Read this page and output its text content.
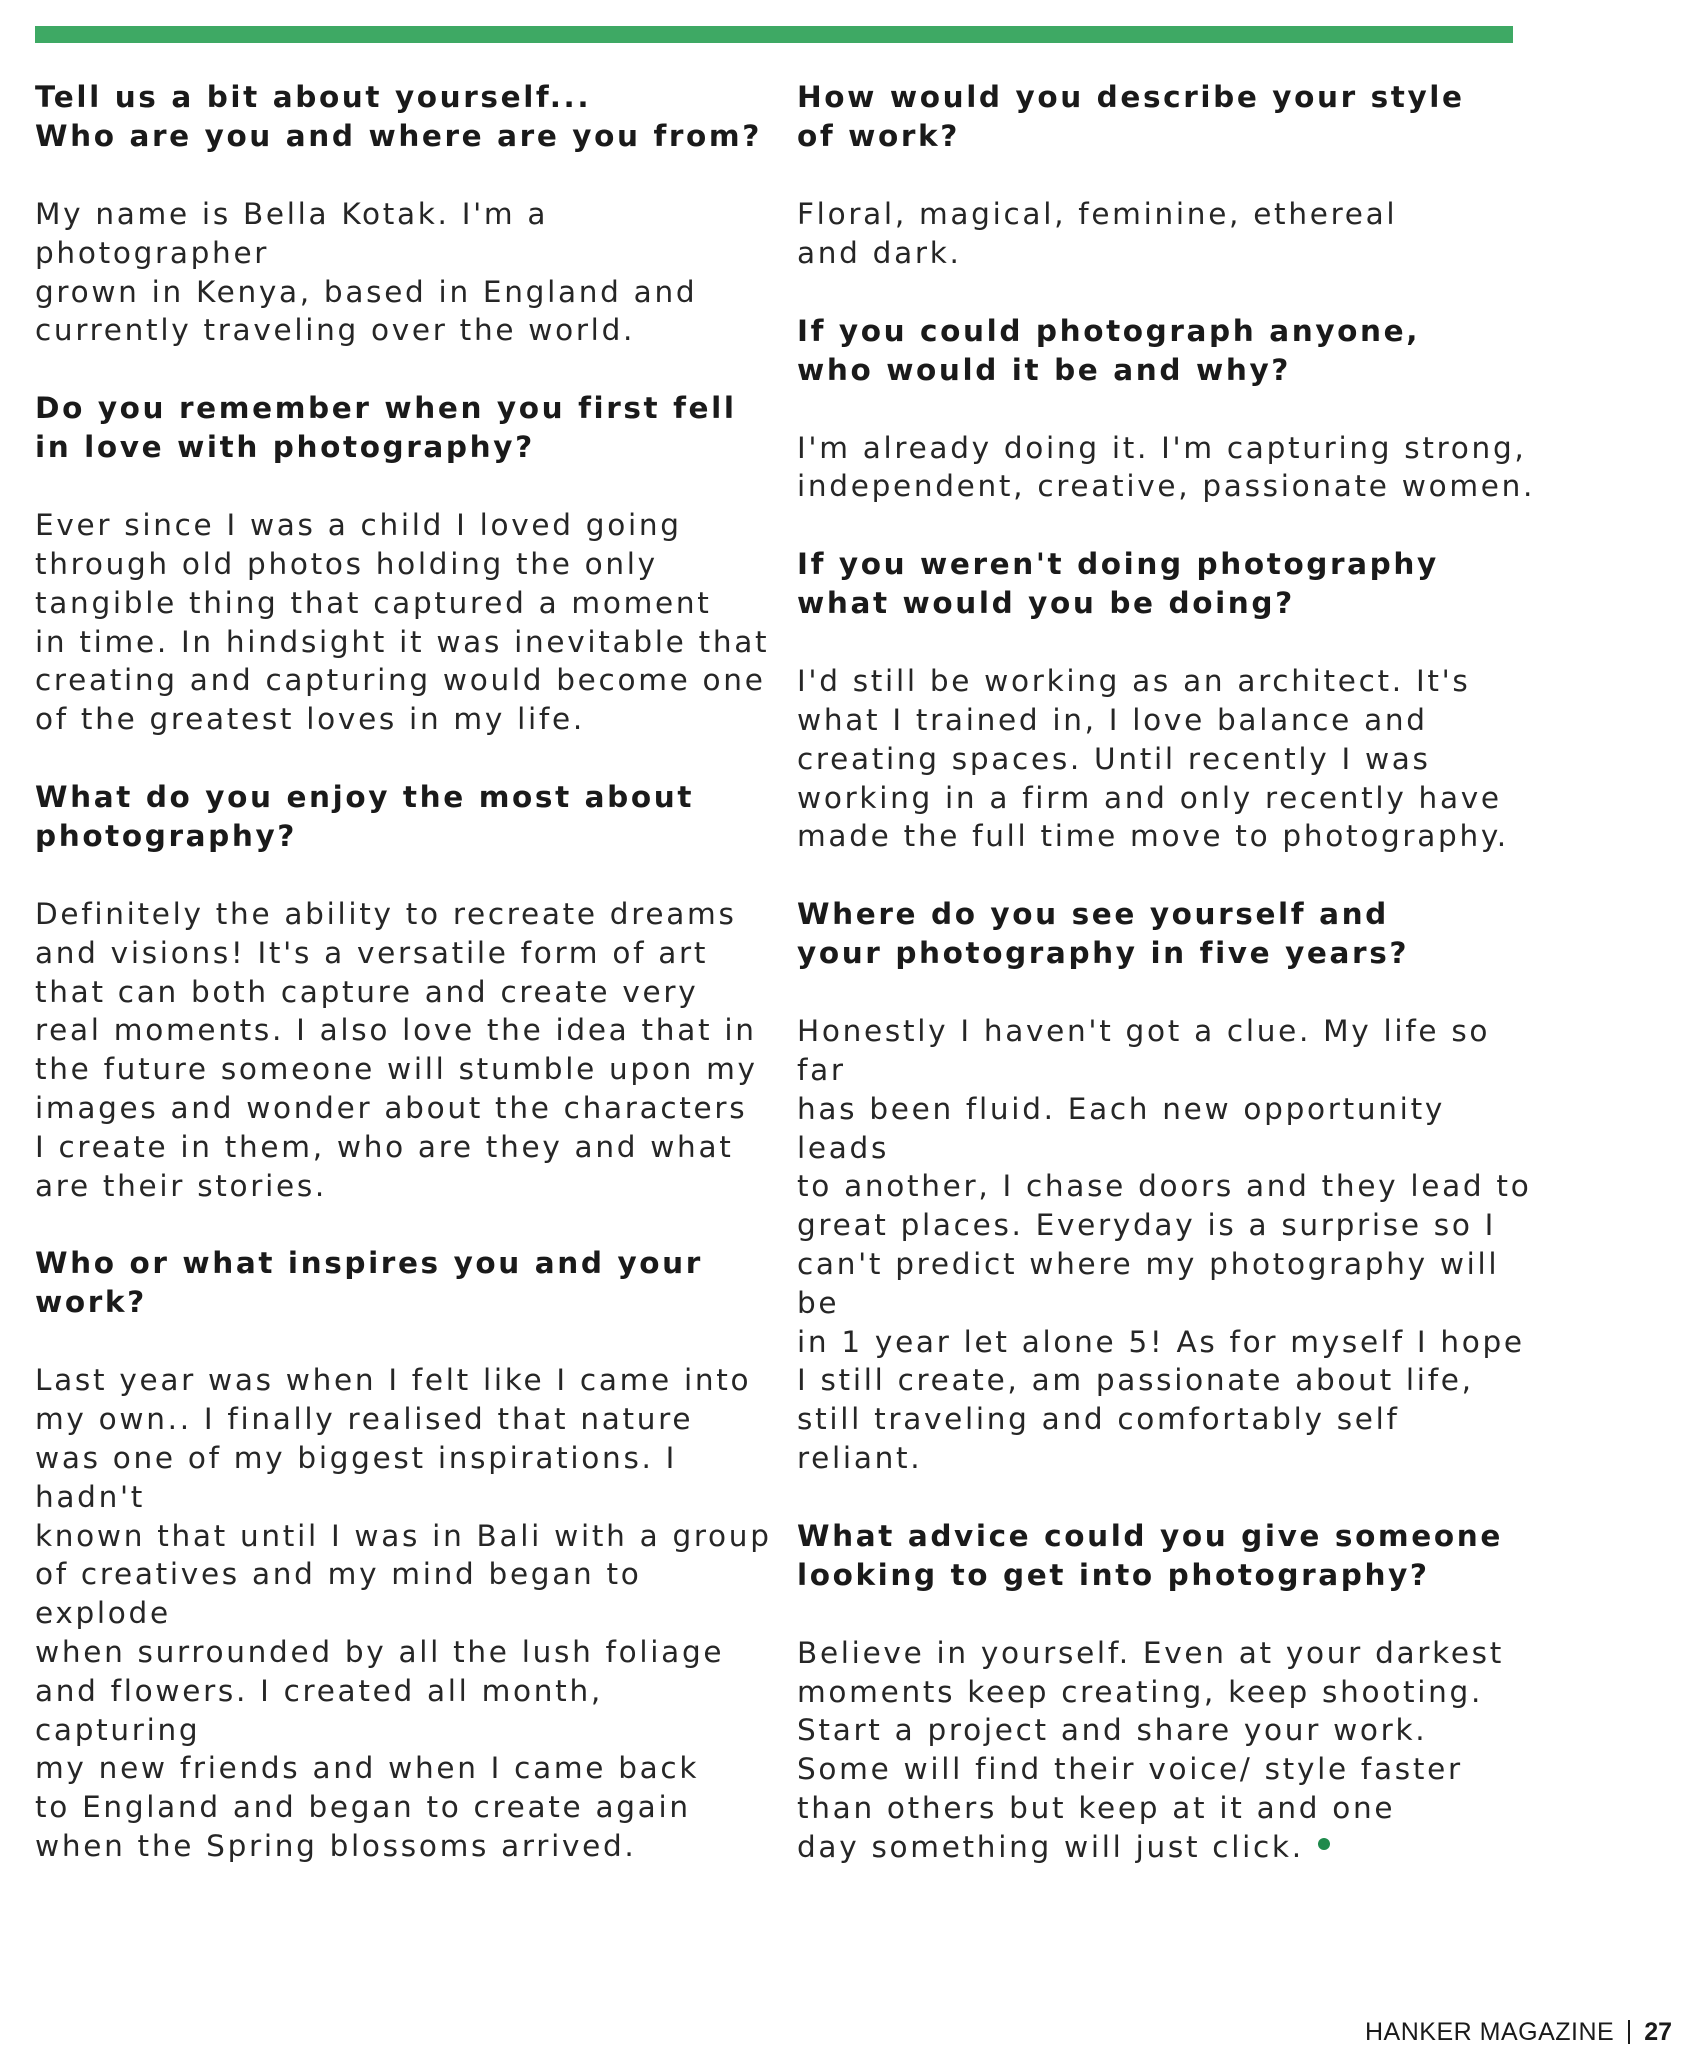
Tell us a bit about yourself...
Who are you and where are you from?

My name is Bella Kotak. I'm a photographer
grown in Kenya, based in England and
currently traveling over the world.

Do you remember when you first fell
in love with photography?

Ever since I was a child I loved going
through old photos holding the only
tangible thing that captured a moment
in time. In hindsight it was inevitable that
creating and capturing would become one
of the greatest loves in my life.

What do you enjoy the most about
photography?

Definitely the ability to recreate dreams
and visions! It's a versatile form of art
that can both capture and create very
real moments. I also love the idea that in
the future someone will stumble upon my
images and wonder about the characters
I create in them, who are they and what
are their stories.

Who or what inspires you and your work?

Last year was when I felt like I came into
my own.. I finally realised that nature
was one of my biggest inspirations. I hadn't
known that until I was in Bali with a group
of creatives and my mind began to explode
when surrounded by all the lush foliage
and flowers. I created all month, capturing
my new friends and when I came back
to England and began to create again
when the Spring blossoms arrived.

How would you describe your style
of work?

Floral, magical, feminine, ethereal
and dark.

If you could photograph anyone,
who would it be and why?

I'm already doing it. I'm capturing strong,
independent, creative, passionate women.

If you weren't doing photography
what would you be doing?

I'd still be working as an architect. It's
what I trained in, I love balance and
creating spaces. Until recently I was
working in a firm and only recently have
made the full time move to photography.

Where do you see yourself and
your photography in five years?

Honestly I haven't got a clue. My life so far
has been fluid. Each new opportunity leads
to another, I chase doors and they lead to
great places. Everyday is a surprise so I
can't predict where my photography will be
in 1 year let alone 5! As for myself I hope
I still create, am passionate about life,
still traveling and comfortably self reliant.

What advice could you give someone
looking to get into photography?

Believe in yourself. Even at your darkest
moments keep creating, keep shooting.
Start a project and share your work.
Some will find their voice/ style faster
than others but keep at it and one
day something will just click.

HANKER MAGAZINE 27
